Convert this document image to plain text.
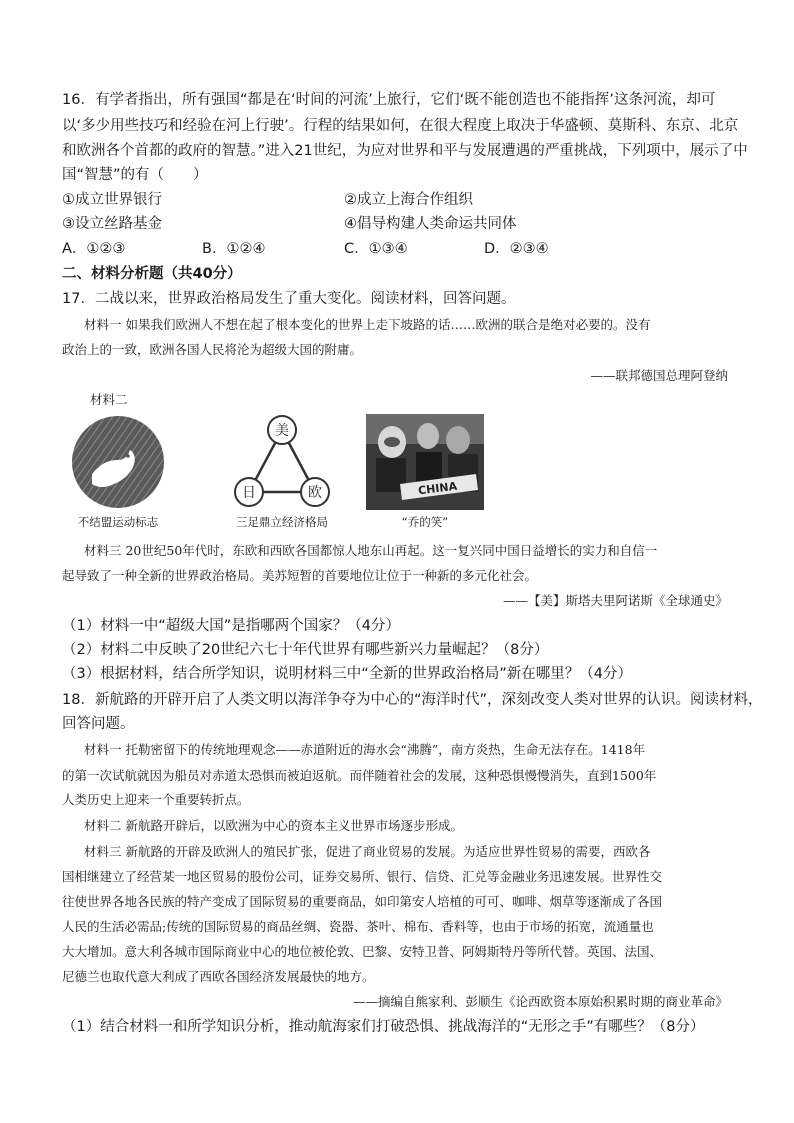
16．有学者指出，所有强国“都是在‘时间的河流’上旅行，它们‘既不能创造也不能指挥’这条河流，却可
以‘多少用些技巧和经验在河上行驶’。行程的结果如何，在很大程度上取决于华盛顿、莫斯科、东京、北京
和欧洲各个首都的政府的智慧。”进入21世纪，为应对世界和平与发展遭遇的严重挑战，下列项中，展示了中
国“智慧”的有（　　）
①成立世界银行	②成立上海合作组织
③设立丝路基金	④倡导构建人类命运共同体
A．①②③	B．①②④	C．①③④	D．②③④
二、材料分析题（共40分）
17．二战以来，世界政治格局发生了重大变化。阅读材料，回答问题。
材料一 如果我们欧洲人不想在起了根本变化的世界上走下坡路的话……欧洲的联合是绝对必要的。没有
政治上的一致，欧洲各国人民将沦为超级大国的附庸。
——联邦德国总理阿登纳
材料二
不结盟运动标志
美
日	欧
三足鼎立经济格局
CHINA
“乔的笑”
材料三 20世纪50年代时，东欧和西欧各国都惊人地东山再起。这一复兴同中国日益增长的实力和自信一
起导致了一种全新的世界政治格局。美苏短暂的首要地位让位于一种新的多元化社会。
——【美】斯塔夫里阿诺斯《全球通史》
（1）材料一中“超级大国”是指哪两个国家？（4分）
（2）材料二中反映了20世纪六七十年代世界有哪些新兴力量崛起？（8分）
（3）根据材料，结合所学知识，说明材料三中“全新的世界政治格局”新在哪里？（4分）
18．新航路的开辟开启了人类文明以海洋争夺为中心的“海洋时代”，深刻改变人类对世界的认识。阅读材料，
回答问题。
材料一 托勒密留下的传统地理观念——赤道附近的海水会“沸腾”，南方炎热，生命无法存在。1418年
的第一次试航就因为船员对赤道太恐惧而被迫返航。而伴随着社会的发展，这种恐惧慢慢消失，直到1500年
人类历史上迎来一个重要转折点。
材料二 新航路开辟后，以欧洲为中心的资本主义世界市场逐步形成。
材料三 新航路的开辟及欧洲人的殖民扩张，促进了商业贸易的发展。为适应世界性贸易的需要，西欧各
国相继建立了经营某一地区贸易的股份公司，证券交易所、银行、信贷、汇兑等金融业务迅速发展。世界性交
往使世界各地各民族的特产变成了国际贸易的重要商品，如印第安人培植的可可、咖啡、烟草等逐渐成了各国
人民的生活必需品;传统的国际贸易的商品丝绸、瓷器、茶叶、棉布、香料等，也由于市场的拓宽，流通量也
大大增加。意大利各城市国际商业中心的地位被伦敦、巴黎、安特卫普、阿姆斯特丹等所代替。英国、法国、
尼德兰也取代意大利成了西欧各国经济发展最快的地方。
——摘编自熊家利、彭顺生《论西欧资本原始积累时期的商业革命》
（1）结合材料一和所学知识分析，推动航海家们打破恐惧、挑战海洋的“无形之手”有哪些？（8分）
